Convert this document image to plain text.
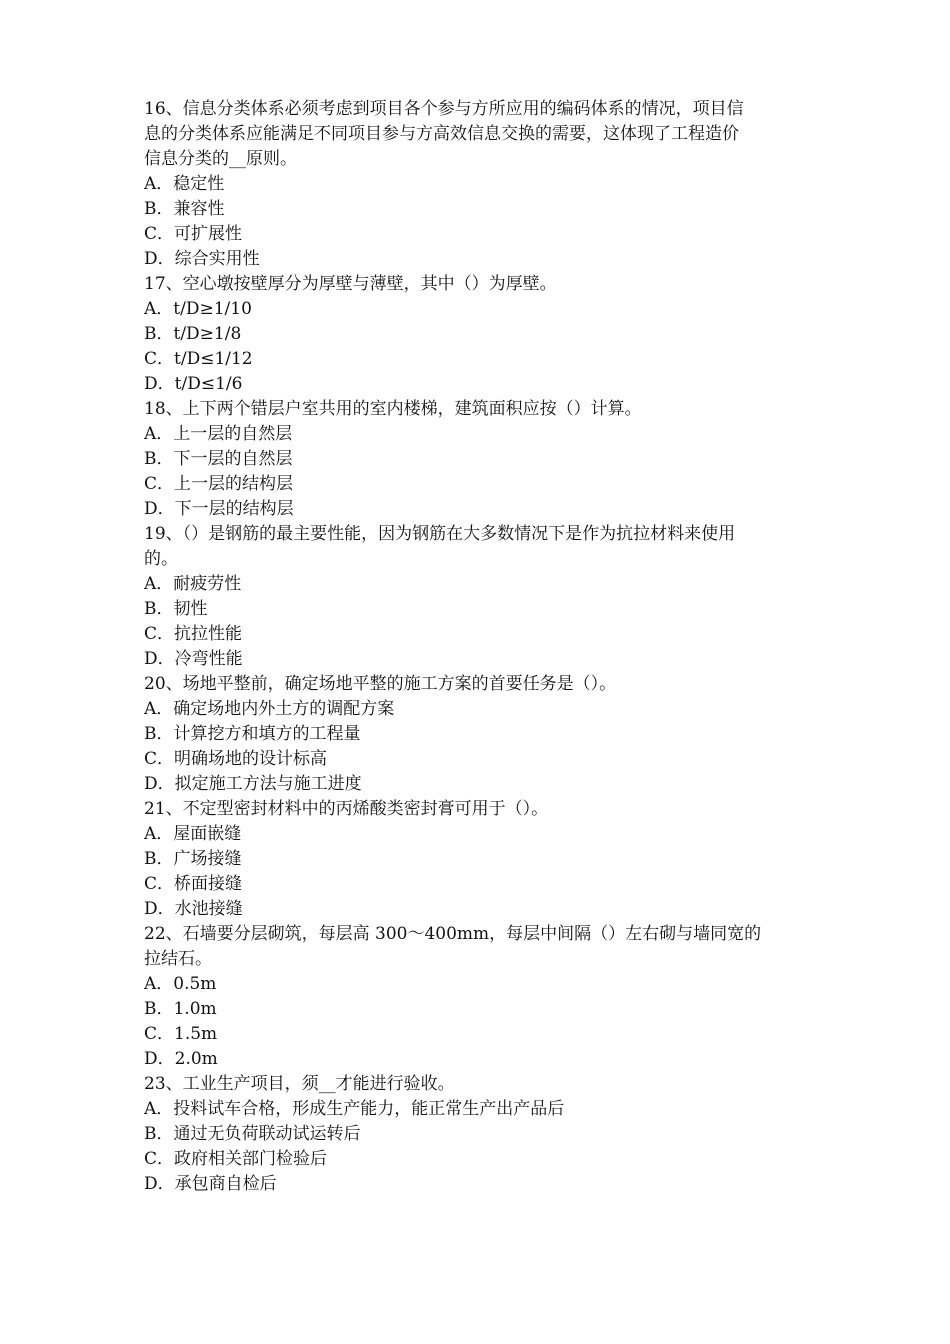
16、信息分类体系必须考虑到项目各个参与方所应用的编码体系的情况，项目信
息的分类体系应能满足不同项目参与方高效信息交换的需要，这体现了工程造价
信息分类的__原则。
A．稳定性
B．兼容性
C．可扩展性
D．综合实用性
17、空心墩按壁厚分为厚壁与薄壁，其中（）为厚壁。
A．t/D≥1/10
B．t/D≥1/8
C．t/D≤1/12
D．t/D≤1/6
18、上下两个错层户室共用的室内楼梯，建筑面积应按（）计算。
A．上一层的自然层
B．下一层的自然层
C．上一层的结构层
D．下一层的结构层
19、（）是钢筋的最主要性能，因为钢筋在大多数情况下是作为抗拉材料来使用
的。
A．耐疲劳性
B．韧性
C．抗拉性能
D．冷弯性能
20、场地平整前，确定场地平整的施工方案的首要任务是（）。
A．确定场地内外土方的调配方案
B．计算挖方和填方的工程量
C．明确场地的设计标高
D．拟定施工方法与施工进度
21、不定型密封材料中的丙烯酸类密封膏可用于（）。
A．屋面嵌缝
B．广场接缝
C．桥面接缝
D．水池接缝
22、石墙要分层砌筑，每层高 300～400mm，每层中间隔（）左右砌与墙同宽的
拉结石。
A．0.5m
B．1.0m
C．1.5m
D．2.0m
23、工业生产项目，须__才能进行验收。
A．投料试车合格，形成生产能力，能正常生产出产品后
B．通过无负荷联动试运转后
C．政府相关部门检验后
D．承包商自检后
